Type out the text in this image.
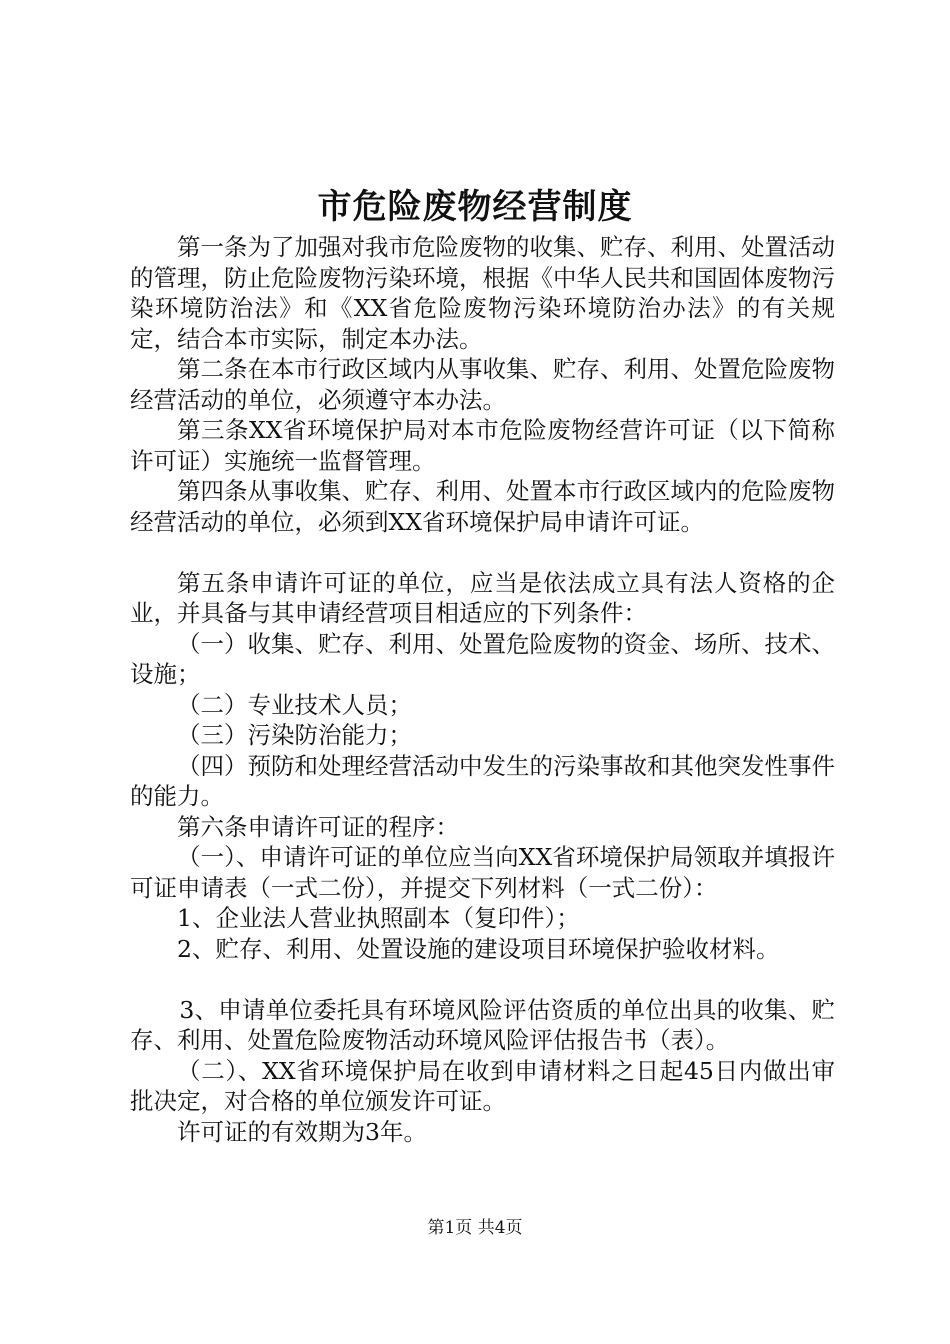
市危险废物经营制度

第一条为了加强对我市危险废物的收集、贮存、利用、处置活动的管理，防止危险废物污染环境，根据《中华人民共和国固体废物污染环境防治法》和《XX省危险废物污染环境防治办法》的有关规定，结合本市实际，制定本办法。

第二条在本市行政区域内从事收集、贮存、利用、处置危险废物经营活动的单位，必须遵守本办法。

第三条XX省环境保护局对本市危险废物经营许可证（以下简称许可证）实施统一监督管理。

第四条从事收集、贮存、利用、处置本市行政区域内的危险废物经营活动的单位，必须到XX省环境保护局申请许可证。

第五条申请许可证的单位，应当是依法成立具有法人资格的企业，并具备与其申请经营项目相适应的下列条件：

（一）收集、贮存、利用、处置危险废物的资金、场所、技术、设施；

（二）专业技术人员；

（三）污染防治能力；

（四）预防和处理经营活动中发生的污染事故和其他突发性事件的能力。

第六条申请许可证的程序：

（一）、申请许可证的单位应当向XX省环境保护局领取并填报许可证申请表（一式二份），并提交下列材料（一式二份）：

1、企业法人营业执照副本（复印件）；

2、贮存、利用、处置设施的建设项目环境保护验收材料。

3、申请单位委托具有环境风险评估资质的单位出具的收集、贮存、利用、处置危险废物活动环境风险评估报告书（表）。

（二）、XX省环境保护局在收到申请材料之日起45日内做出审批决定，对合格的单位颁发许可证。

许可证的有效期为3年。

第1页 共4页
